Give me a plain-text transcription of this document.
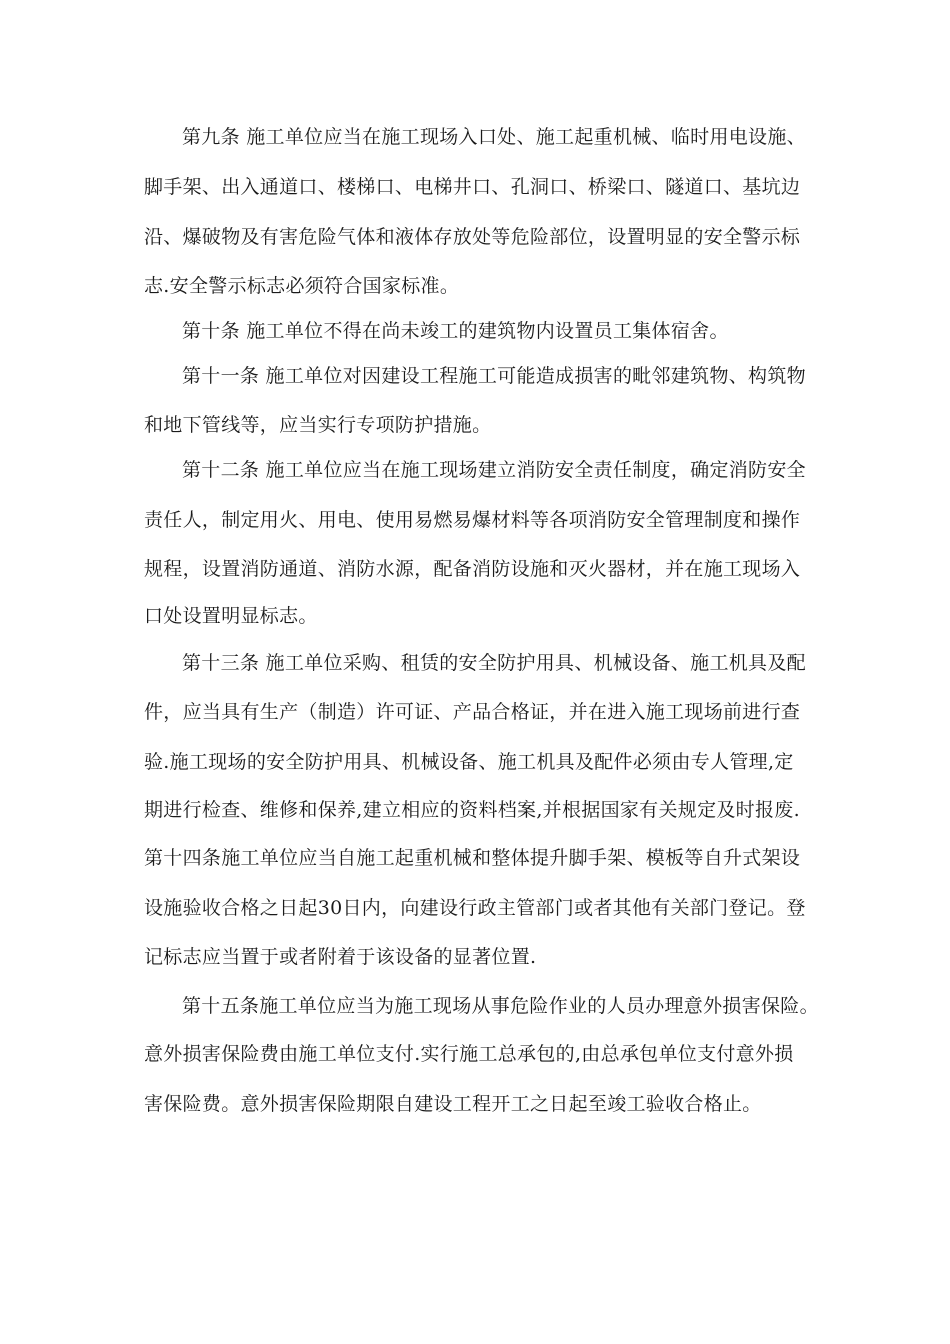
第九条 施工单位应当在施工现场入口处、施工起重机械、临时用电设施、
脚手架、出入通道口、楼梯口、电梯井口、孔洞口、桥梁口、隧道口、基坑边
沿、爆破物及有害危险气体和液体存放处等危险部位，设置明显的安全警示标
志.安全警示标志必须符合国家标准。
第十条 施工单位不得在尚未竣工的建筑物内设置员工集体宿舍。
第十一条 施工单位对因建设工程施工可能造成损害的毗邻建筑物、构筑物
和地下管线等，应当实行专项防护措施。
第十二条 施工单位应当在施工现场建立消防安全责任制度，确定消防安全
责任人，制定用火、用电、使用易燃易爆材料等各项消防安全管理制度和操作
规程，设置消防通道、消防水源，配备消防设施和灭火器材，并在施工现场入
口处设置明显标志。
第十三条 施工单位采购、租赁的安全防护用具、机械设备、施工机具及配
件，应当具有生产（制造）许可证、产品合格证，并在进入施工现场前进行查
验.施工现场的安全防护用具、机械设备、施工机具及配件必须由专人管理,定
期进行检查、维修和保养,建立相应的资料档案,并根据国家有关规定及时报废.
第十四条施工单位应当自施工起重机械和整体提升脚手架、模板等自升式架设
设施验收合格之日起30日内，向建设行政主管部门或者其他有关部门登记。登
记标志应当置于或者附着于该设备的显著位置.
第十五条施工单位应当为施工现场从事危险作业的人员办理意外损害保险。
意外损害保险费由施工单位支付.实行施工总承包的,由总承包单位支付意外损
害保险费。意外损害保险期限自建设工程开工之日起至竣工验收合格止。
